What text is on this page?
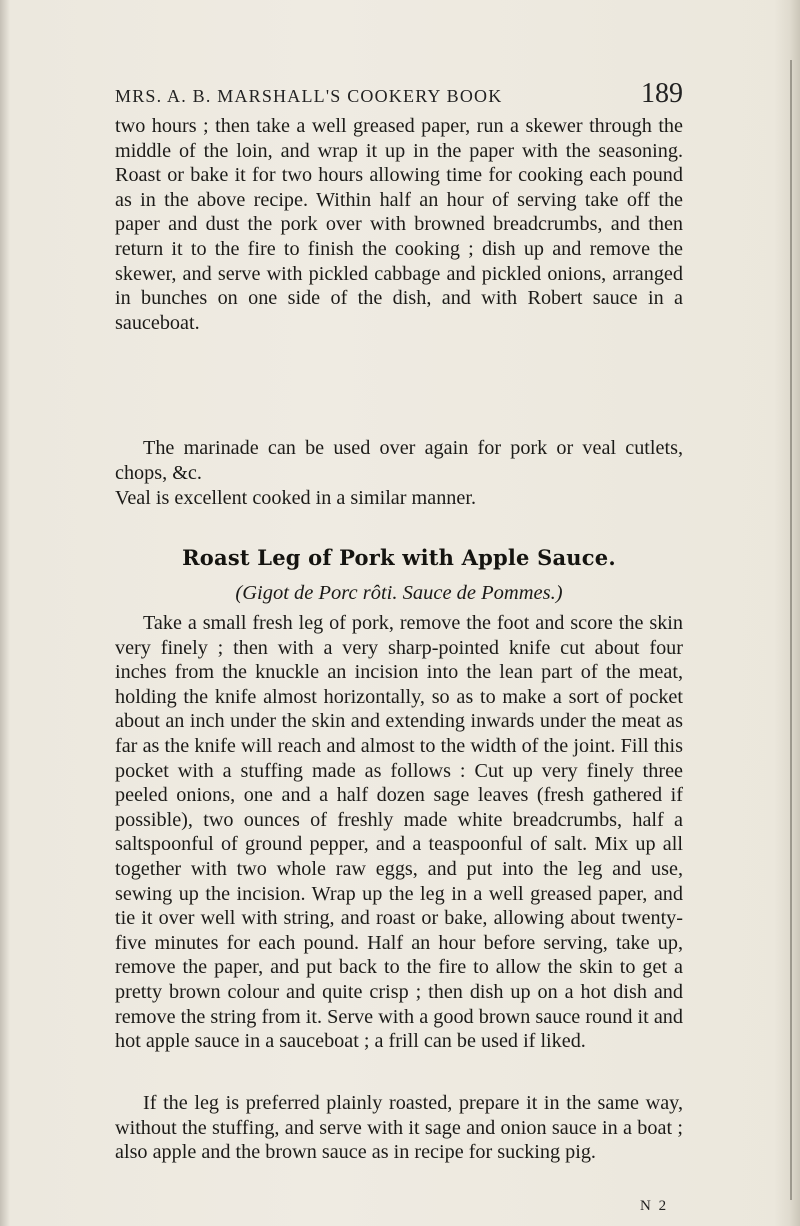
MRS. A. B. MARSHALL'S COOKERY BOOK	189

two hours ; then take a well greased paper, run a skewer through the middle of the loin, and wrap it up in the paper with the seasoning. Roast or bake it for two hours allowing time for cooking each pound as in the above recipe. Within half an hour of serving take off the paper and dust the pork over with browned breadcrumbs, and then return it to the fire to finish the cooking ; dish up and remove the skewer, and serve with pickled cabbage and pickled onions, arranged in bunches on one side of the dish, and with Robert sauce in a sauceboat.

The marinade can be used over again for pork or veal cutlets, chops, &c.

Veal is excellent cooked in a similar manner.

Roast Leg of Pork with Apple Sauce.
(Gigot de Porc rôti. Sauce de Pommes.)

Take a small fresh leg of pork, remove the foot and score the skin very finely ; then with a very sharp-pointed knife cut about four inches from the knuckle an incision into the lean part of the meat, holding the knife almost horizontally, so as to make a sort of pocket about an inch under the skin and extending inwards under the meat as far as the knife will reach and almost to the width of the joint. Fill this pocket with a stuffing made as follows : Cut up very finely three peeled onions, one and a half dozen sage leaves (fresh gathered if possible), two ounces of freshly made white breadcrumbs, half a saltspoonful of ground pepper, and a teaspoonful of salt. Mix up all together with two whole raw eggs, and put into the leg and use, sewing up the incision. Wrap up the leg in a well greased paper, and tie it over well with string, and roast or bake, allowing about twenty-five minutes for each pound. Half an hour before serving, take up, remove the paper, and put back to the fire to allow the skin to get a pretty brown colour and quite crisp ; then dish up on a hot dish and remove the string from it. Serve with a good brown sauce round it and hot apple sauce in a sauceboat ; a frill can be used if liked.

If the leg is preferred plainly roasted, prepare it in the same way, without the stuffing, and serve with it sage and onion sauce in a boat ; also apple and the brown sauce as in recipe for sucking pig.

N 2
